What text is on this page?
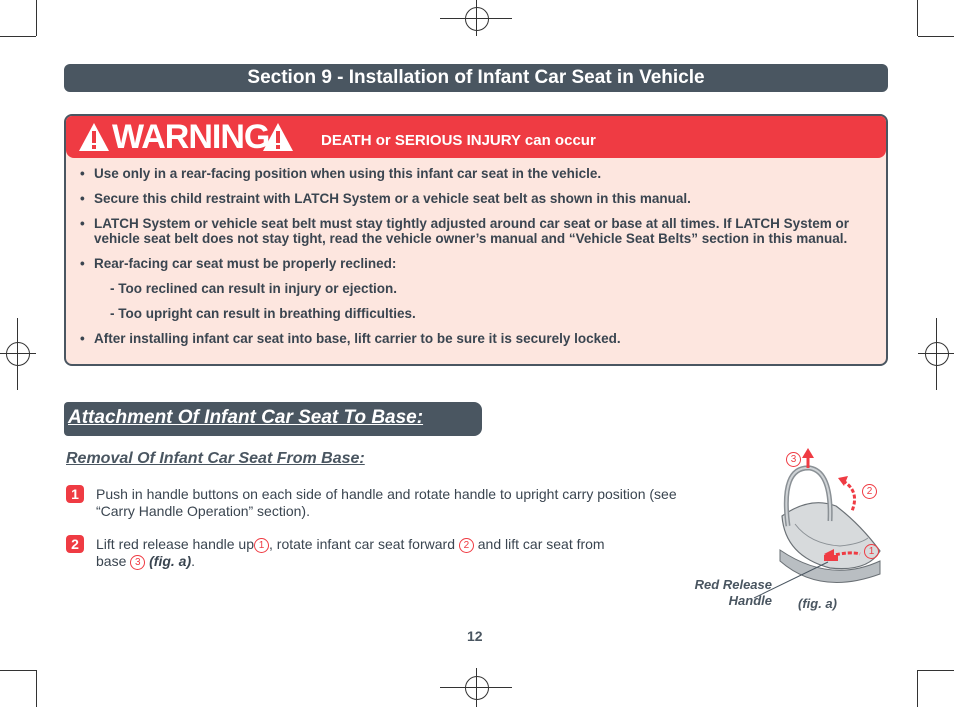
Section 9 - Installation of Infant Car Seat in Vehicle
WARNING	DEATH or SERIOUS INJURY can occur
• Use only in a rear-facing position when using this infant car seat in the vehicle.
• Secure this child restraint with LATCH System or a vehicle seat belt as shown in this manual.
• LATCH System or vehicle seat belt must stay tightly adjusted around car seat or base at all times. If LATCH System or vehicle seat belt does not stay tight, read the vehicle owner’s manual and “Vehicle Seat Belts” section in this manual.
• Rear-facing car seat must be properly reclined:
- Too reclined can result in injury or ejection.
- Too upright can result in breathing difficulties.
• After installing infant car seat into base, lift carrier to be sure it is securely locked.
Attachment Of Infant Car Seat To Base:
Removal Of Infant Car Seat From Base:
1	Push in handle buttons on each side of handle and rotate handle to upright carry position (see “Carry Handle Operation” section).
2	Lift red release handle up 1 , rotate infant car seat forward 2 and lift car seat from
base 3 (fig. a).
3
2
1
Red Release
Handle (fig. a)
12
